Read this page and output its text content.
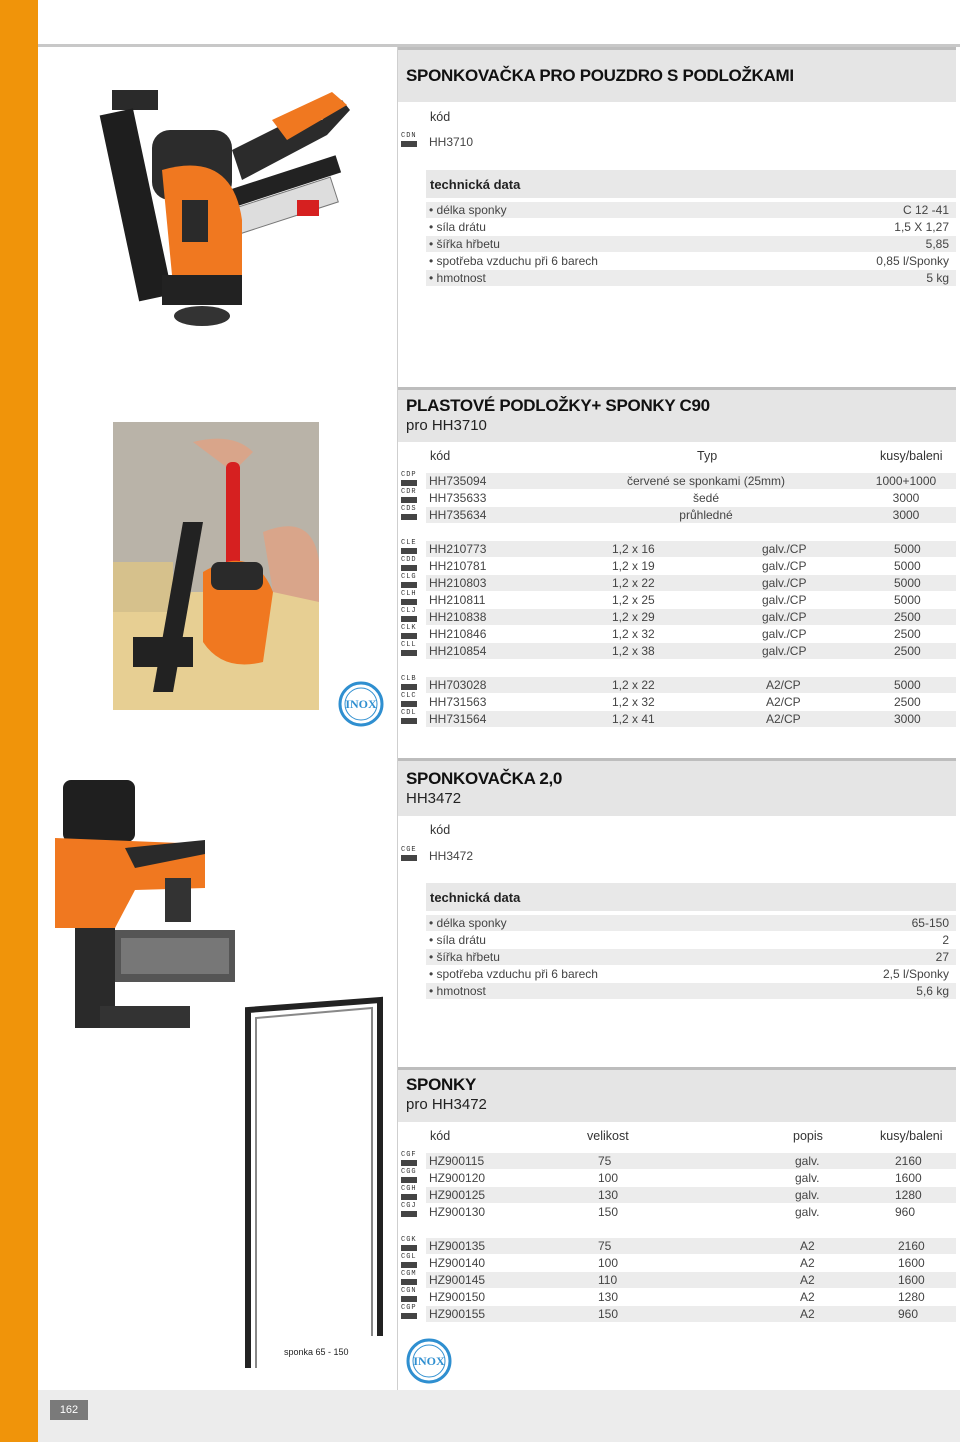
162
SPONKOVAČKA PRO POUZDRO S PODLOŽKAMI
kód
CDN HH3710
technická data
• délka sponky	C 12 -41
• síla drátu	1,5 X 1,27
• šířka hřbetu	5,85
• spotřeba vzduchu při 6 barech	0,85 l/Sponky
• hmotnost	5 kg
PLASTOVÉ PODLOŽKY+ SPONKY C90
pro HH3710
kód	Typ	kusy/baleni
CDP HH735094	červené se sponkami (25mm)	1000+1000
CDR HH735633	šedé	3000
CDS HH735634	průhledné	3000
CLE HH210773	1,2 x 16	galv./CP	5000
CDD HH210781	1,2 x 19	galv./CP	5000
CLG HH210803	1,2 x 22	galv./CP	5000
CLH HH210811	1,2 x 25	galv./CP	5000
CLJ HH210838	1,2 x 29	galv./CP	2500
CLK HH210846	1,2 x 32	galv./CP	2500
CLL HH210854	1,2 x 38	galv./CP	2500
CLB HH703028	1,2 x 22	A2/CP	5000
CLC HH731563	1,2 x 32	A2/CP	2500
CDL HH731564	1,2 x 41	A2/CP	3000
INOX
SPONKOVAČKA 2,0
HH3472
kód
CGE HH3472
technická data
• délka sponky	65-150
• síla drátu	2
• šířka hřbetu	27
• spotřeba vzduchu při 6 barech	2,5 l/Sponky
• hmotnost	5,6 kg
sponka 65 - 150
SPONKY
pro HH3472
kód	velikost	popis	kusy/baleni
CGF HZ900115	75	galv.	2160
CGG HZ900120	100	galv.	1600
CGH HZ900125	130	galv.	1280
CGJ HZ900130	150	galv.	960
CGK HZ900135	75	A2	2160
CGL HZ900140	100	A2	1600
CGM HZ900145	110	A2	1600
CGN HZ900150	130	A2	1280
CGP HZ900155	150	A2	960
INOX
